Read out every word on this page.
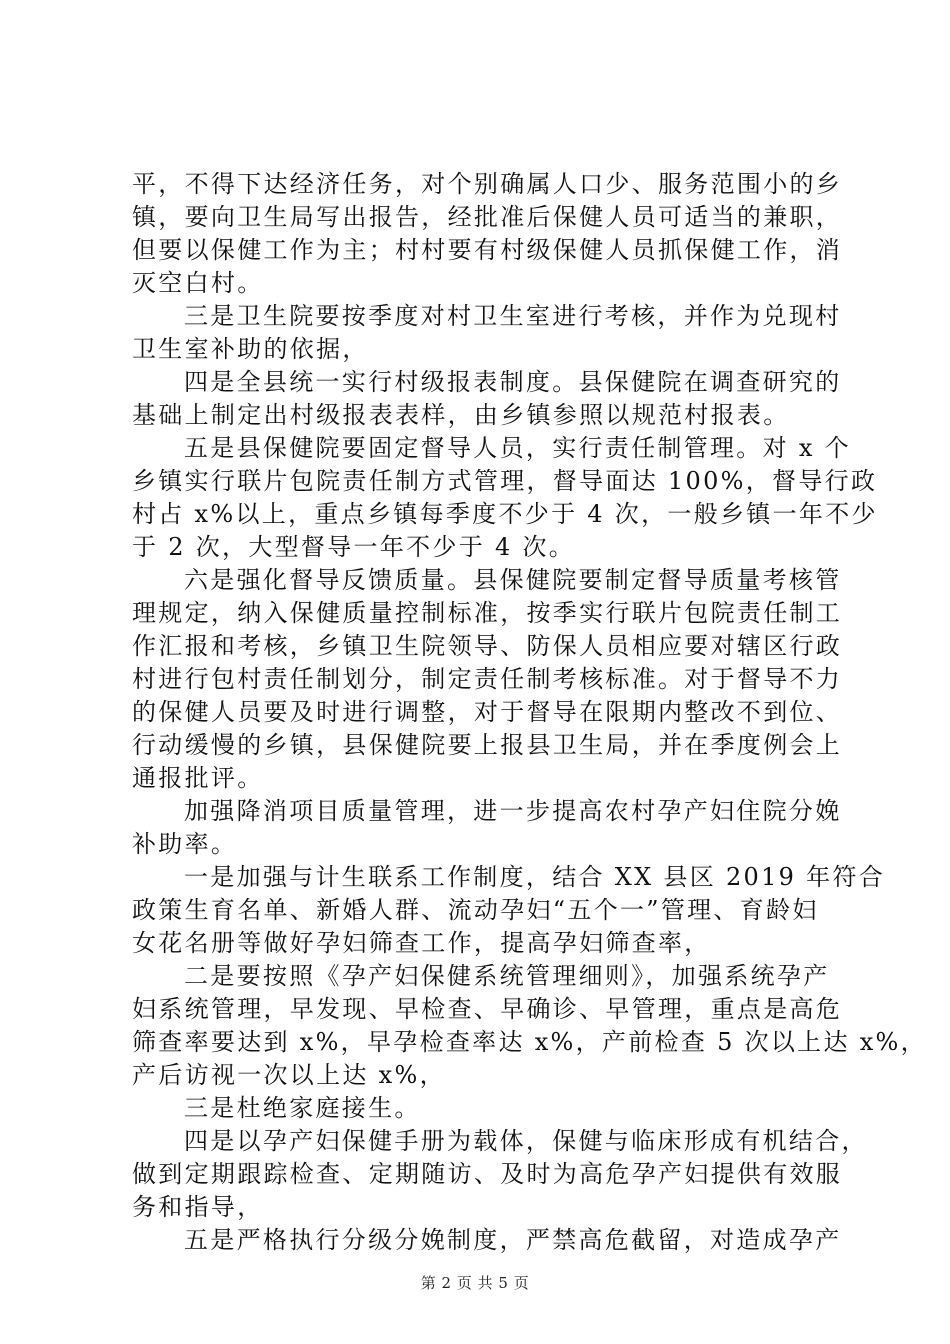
平，不得下达经济任务，对个别确属人口少、服务范围小的乡
镇，要向卫生局写出报告，经批准后保健人员可适当的兼职，
但要以保健工作为主；村村要有村级保健人员抓保健工作，消
灭空白村。
三是卫生院要按季度对村卫生室进行考核，并作为兑现村
卫生室补助的依据，
四是全县统一实行村级报表制度。县保健院在调查研究的
基础上制定出村级报表表样，由乡镇参照以规范村报表。
五是县保健院要固定督导人员，实行责任制管理。对 x 个
乡镇实行联片包院责任制方式管理，督导面达 100%，督导行政
村占 x%以上，重点乡镇每季度不少于 4 次，一般乡镇一年不少
于 2 次，大型督导一年不少于 4 次。
六是强化督导反馈质量。县保健院要制定督导质量考核管
理规定，纳入保健质量控制标准，按季实行联片包院责任制工
作汇报和考核，乡镇卫生院领导、防保人员相应要对辖区行政
村进行包村责任制划分，制定责任制考核标准。对于督导不力
的保健人员要及时进行调整，对于督导在限期内整改不到位、
行动缓慢的乡镇，县保健院要上报县卫生局，并在季度例会上
通报批评。
加强降消项目质量管理，进一步提高农村孕产妇住院分娩
补助率。
一是加强与计生联系工作制度，结合 XX 县区 2019 年符合
政策生育名单、新婚人群、流动孕妇“五个一”管理、育龄妇
女花名册等做好孕妇筛查工作，提高孕妇筛查率，
二是要按照《孕产妇保健系统管理细则》，加强系统孕产
妇系统管理，早发现、早检查、早确诊、早管理，重点是高危
筛查率要达到 x%，早孕检查率达 x%，产前检查 5 次以上达 x%，
产后访视一次以上达 x%，
三是杜绝家庭接生。
四是以孕产妇保健手册为载体，保健与临床形成有机结合，
做到定期跟踪检查、定期随访、及时为高危孕产妇提供有效服
务和指导，
五是严格执行分级分娩制度，严禁高危截留，对造成孕产
第 2 页 共 5 页
